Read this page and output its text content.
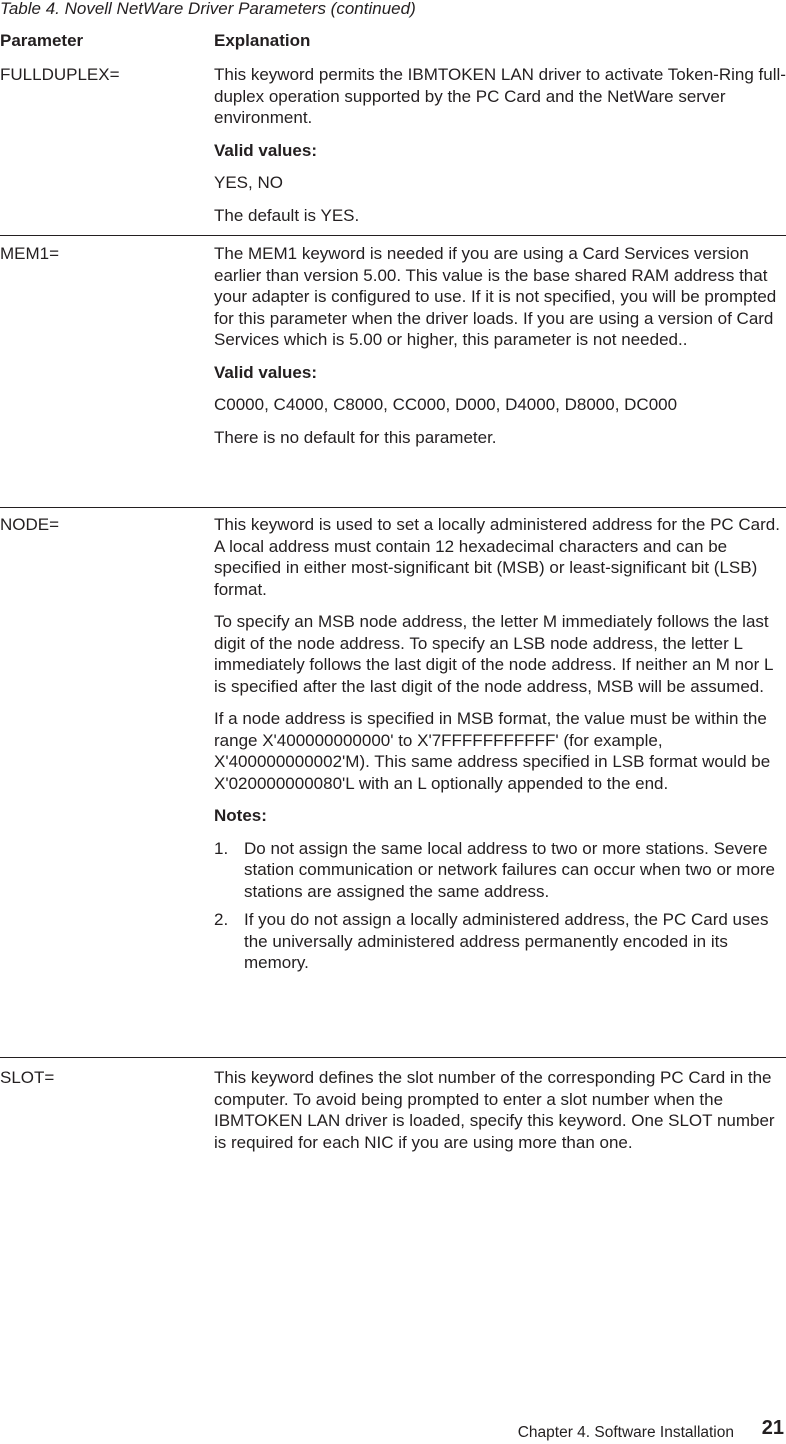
Table 4. Novell NetWare Driver Parameters (continued)
Parameter	Explanation
FULLDUPLEX=	This keyword permits the IBMTOKEN LAN driver to activate Token-Ring full-duplex operation supported by the PC Card and the NetWare server environment.

Valid values:

YES, NO

The default is YES.

MEM1=	The MEM1 keyword is needed if you are using a Card Services version earlier than version 5.00. This value is the base shared RAM address that your adapter is configured to use. If it is not specified, you will be prompted for this parameter when the driver loads. If you are using a version of Card Services which is 5.00 or higher, this parameter is not needed..

Valid values:

C0000, C4000, C8000, CC000, D000, D4000, D8000, DC000

There is no default for this parameter.

NODE=	This keyword is used to set a locally administered address for the PC Card. A local address must contain 12 hexadecimal characters and can be specified in either most-significant bit (MSB) or least-significant bit (LSB) format.

To specify an MSB node address, the letter M immediately follows the last digit of the node address. To specify an LSB node address, the letter L immediately follows the last digit of the node address. If neither an M nor L is specified after the last digit of the node address, MSB will be assumed.

If a node address is specified in MSB format, the value must be within the range X'400000000000' to X'7FFFFFFFFFFF' (for example, X'400000000002'M). This same address specified in LSB format would be X'020000000080'L with an L optionally appended to the end.

Notes:

1. Do not assign the same local address to two or more stations. Severe station communication or network failures can occur when two or more stations are assigned the same address.
2. If you do not assign a locally administered address, the PC Card uses the universally administered address permanently encoded in its memory.
SLOT=	This keyword defines the slot number of the corresponding PC Card in the computer. To avoid being prompted to enter a slot number when the IBMTOKEN LAN driver is loaded, specify this keyword. One SLOT number is required for each NIC if you are using more than one.

Chapter 4. Software Installation 21
